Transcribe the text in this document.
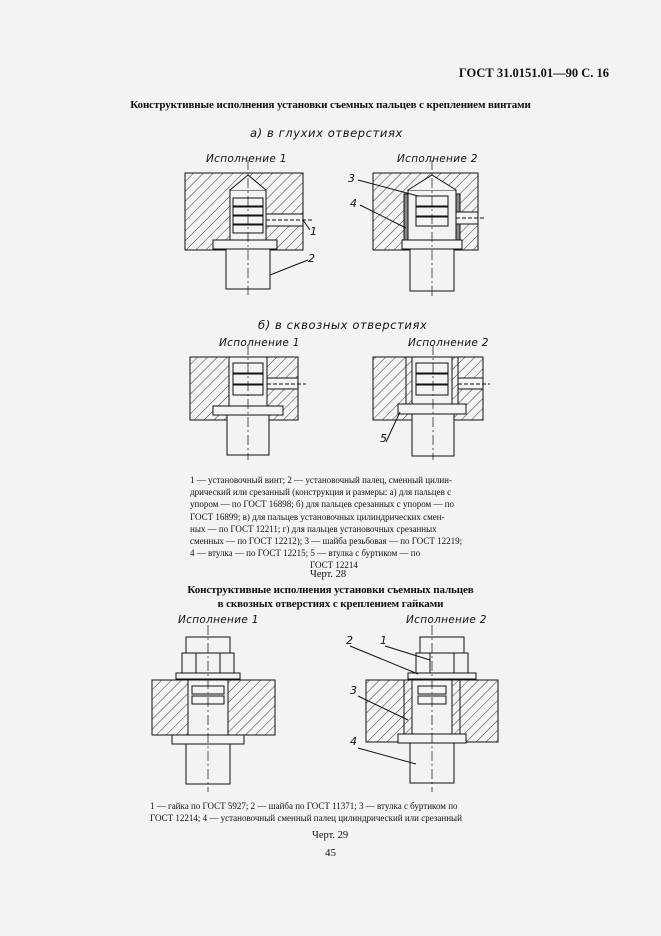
ГОСТ 31.0151.01—90 С. 16
Конструктивные исполнения установки съемных пальцев с креплением винтами
а) в глухих отверстиях
Исполнение 1	Исполнение 2
б) в сквозных отверстиях
Исполнение 1	Исполнение 2
Исполнение 1	Исполнение 2
1
2
3
4
5
2 1
3
4
1 — установочный винт; 2 — установочный палец, сменный цилин-
дрический или срезанный (конструкция и размеры: а) для пальцев с
упором — по ГОСТ 16898; б) для пальцев срезанных с упором — по
ГОСТ 16899; в) для пальцев установочных цилиндрических смен-
ных — по ГОСТ 12211; г) для пальцев установочных срезанных
сменных — по ГОСТ 12212); 3 — шайба резьбовая — по ГОСТ 12219;
4 — втулка — по ГОСТ 12215; 5 — втулка с буртиком — по
ГОСТ 12214
Черт. 28
Конструктивные исполнения установки съемных пальцев
в сквозных отверстиях с креплением гайками
1 — гайка по ГОСТ 5927; 2 — шайба по ГОСТ 11371; 3 — втулка с буртиком по
ГОСТ 12214; 4 — установочный сменный палец цилиндрический или срезанный
Черт. 29
45
